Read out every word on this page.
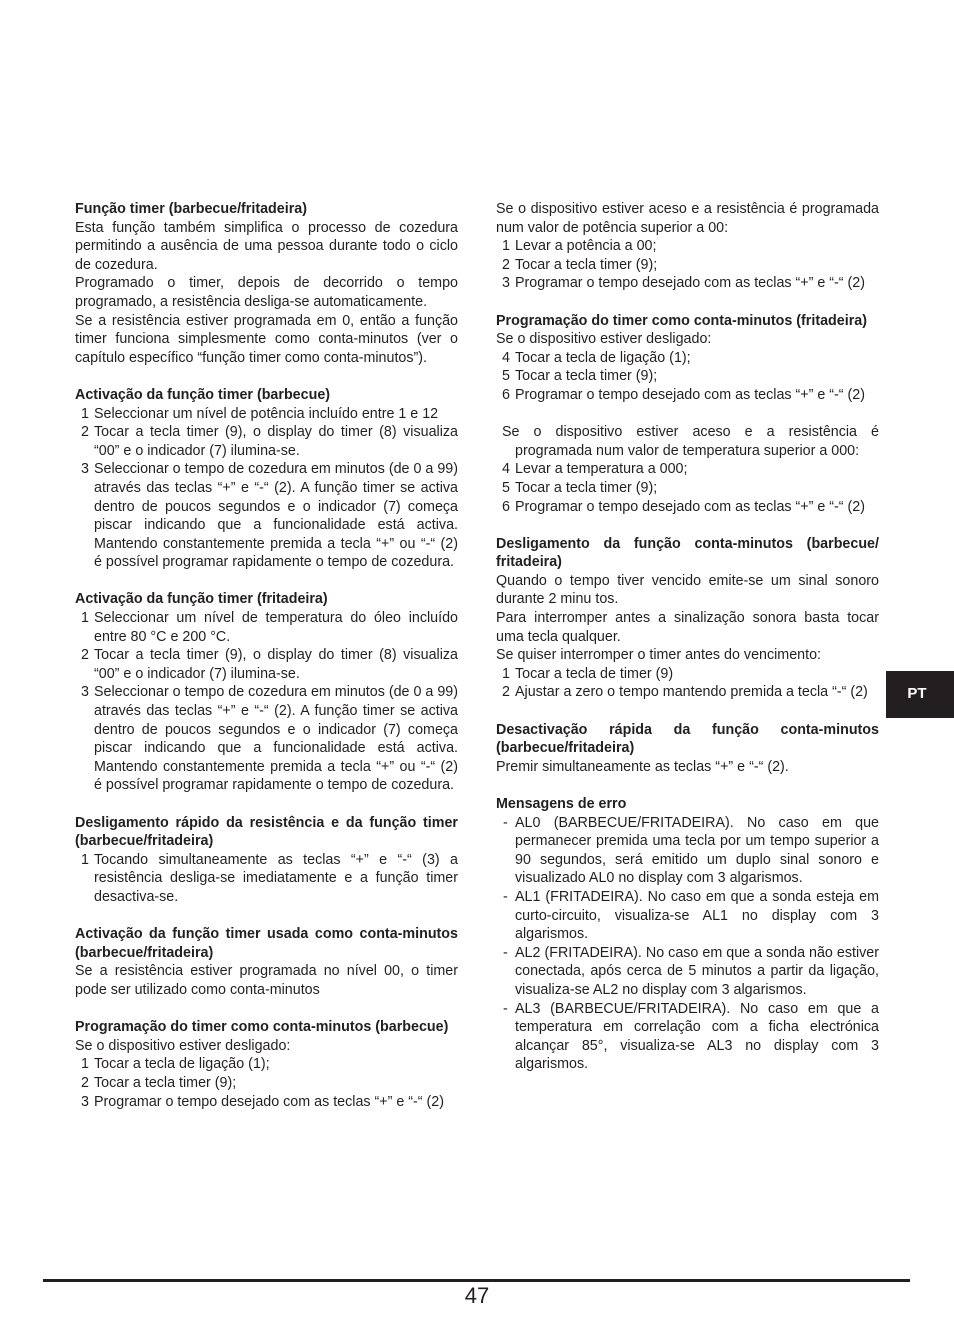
Função timer (barbecue/fritadeira)

Esta função também simplifica o processo de cozedura permitindo a ausência de uma pessoa durante todo o ciclo de cozedura.

Programado o timer, depois de decorrido o tempo programado, a resistência desliga-se automaticamente.

Se a resistência estiver programada em 0, então a função timer funciona simplesmente como conta-minutos (ver o capítulo específico “função timer como conta-minutos”).

Activação da função timer (barbecue)
1 Seleccionar um nível de potência incluído entre 1 e 12
2 Tocar a tecla timer (9), o display do timer (8) visualiza “00” e o indicador (7) ilumina-se.
3 Seleccionar o tempo de cozedura em minutos (de 0 a 99) através das teclas “+” e “-“ (2). A função timer se activa dentro de poucos segundos e o indicador (7) começa piscar indicando que a funcionalidade está activa. Mantendo constantemente premida a tecla “+” ou “-“ (2) é possível programar rapidamente o tempo de cozedura.
Activação da função timer (fritadeira)
1 Seleccionar um nível de temperatura do óleo incluído entre 80 °C e 200 °C.
2 Tocar a tecla timer (9), o display do timer (8) visualiza “00” e o indicador (7) ilumina-se.
3 Seleccionar o tempo de cozedura em minutos (de 0 a 99) através das teclas “+” e “-“ (2). A função timer se activa dentro de poucos segundos e o indicador (7) começa piscar indicando que a funcionalidade está activa. Mantendo constantemente premida a tecla “+” ou “-“ (2) é possível programar rapidamente o tempo de cozedura.
Desligamento rápido da resistência e da função timer (barbecue/fritadeira)
1 Tocando simultaneamente as teclas “+” e “-“ (3) a resistência desliga-se imediatamente e a função timer desactiva-se.
Activação da função timer usada como conta-minutos (barbecue/fritadeira)

Se a resistência estiver programada no nível 00, o timer pode ser utilizado como conta-minutos

Programação do timer como conta-minutos (barbecue)

Se o dispositivo estiver desligado:

1 Tocar a tecla de ligação (1);
2 Tocar a tecla timer (9);
3 Programar o tempo desejado com as teclas “+” e “-“ (2)

Se o dispositivo estiver aceso e a resistência é programada num valor de potência superior a 00:

1 Levar a potência a 00;
2 Tocar a tecla timer (9);
3 Programar o tempo desejado com as teclas “+” e “-“ (2)
Programação do timer como conta-minutos (fritadeira)

Se o dispositivo estiver desligado:

4 Tocar a tecla de ligação (1);
5 Tocar a tecla timer (9);
6 Programar o tempo desejado com as teclas “+” e “-“ (2)

Se o dispositivo estiver aceso e a resistência é programada num valor de temperatura superior a 000:

4 Levar a temperatura a 000;
5 Tocar a tecla timer (9);
6 Programar o tempo desejado com as teclas “+” e “-“ (2)
Desligamento da função conta-minutos (barbecue/ fritadeira)

Quando o tempo tiver vencido emite-se um sinal sonoro durante 2 minu tos.

Para interromper antes a sinalização sonora basta tocar uma tecla qualquer.

Se quiser interromper o timer antes do vencimento:

1 Tocar a tecla de timer (9)
2 Ajustar a zero o tempo mantendo premida a tecla “-“ (2)
Desactivação rápida da função conta-minutos (barbecue/fritadeira)

Premir simultaneamente as teclas “+” e “-“ (2).

Mensagens de erro
- AL0 (BARBECUE/FRITADEIRA). No caso em que permanecer premida uma tecla por um tempo superior a 90 segundos, será emitido um duplo sinal sonoro e visualizado AL0 no display com 3 algarismos.
- AL1 (FRITADEIRA). No caso em que a sonda esteja em curto-circuito, visualiza-se AL1 no display com 3 algarismos.
- AL2 (FRITADEIRA). No caso em que a sonda não estiver conectada, após cerca de 5 minutos a partir da ligação, visualiza-se AL2 no display com 3 algarismos.
- AL3 (BARBECUE/FRITADEIRA). No caso em que a temperatura em correlação com a ficha electrónica alcançar 85°, visualiza-se AL3 no display com 3 algarismos.
PT
47
